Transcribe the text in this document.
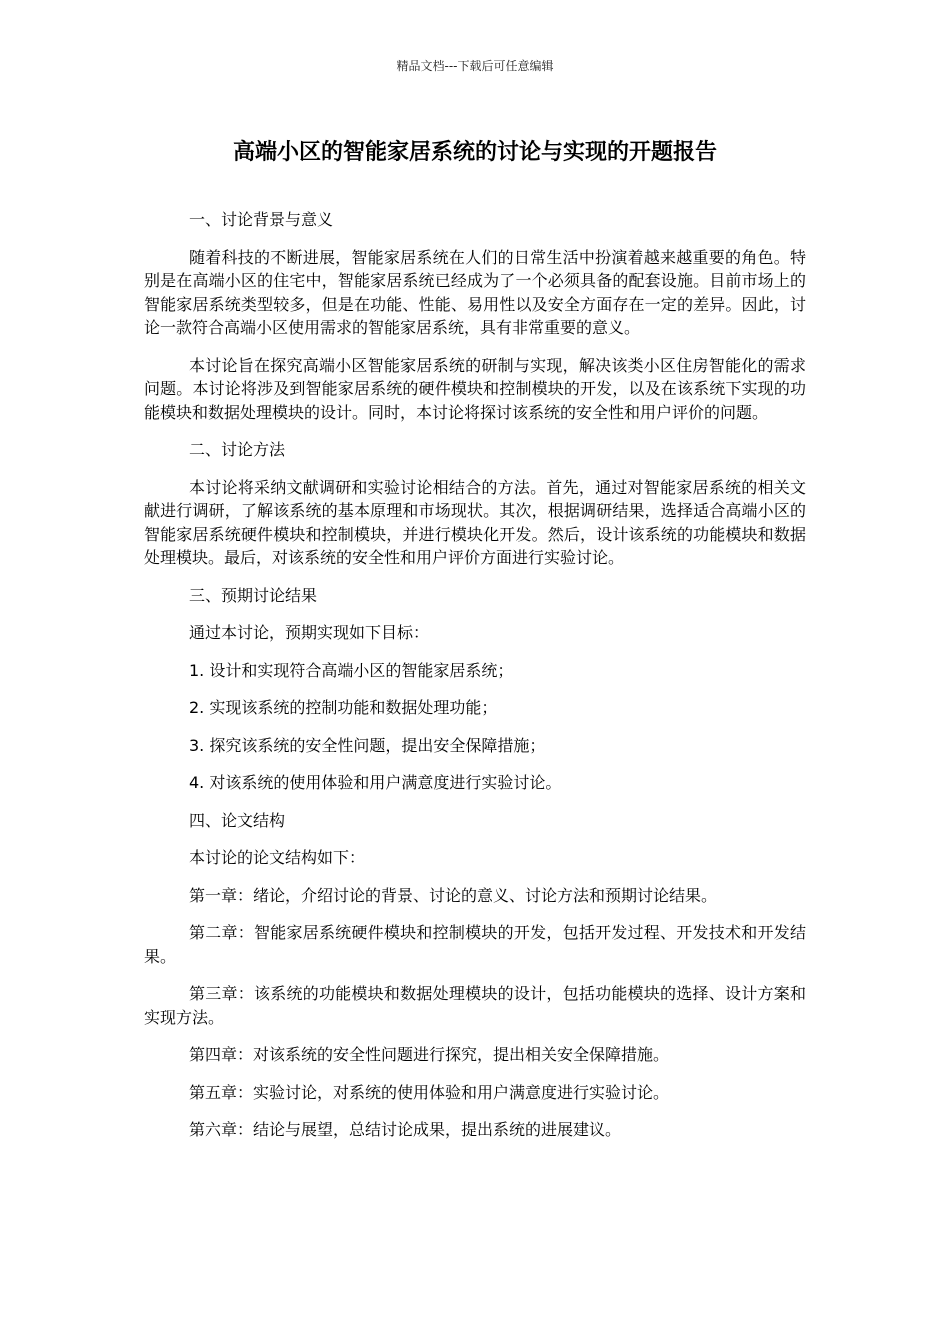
精品文档---下载后可任意编辑
高端小区的智能家居系统的讨论与实现的开题报告

一、讨论背景与意义

随着科技的不断进展，智能家居系统在人们的日常生活中扮演着越来越重要的角色。特别是在高端小区的住宅中，智能家居系统已经成为了一个必须具备的配套设施。目前市场上的智能家居系统类型较多，但是在功能、性能、易用性以及安全方面存在一定的差异。因此，讨论一款符合高端小区使用需求的智能家居系统，具有非常重要的意义。

本讨论旨在探究高端小区智能家居系统的研制与实现，解决该类小区住房智能化的需求问题。本讨论将涉及到智能家居系统的硬件模块和控制模块的开发，以及在该系统下实现的功能模块和数据处理模块的设计。同时，本讨论将探讨该系统的安全性和用户评价的问题。

二、讨论方法

本讨论将采纳文献调研和实验讨论相结合的方法。首先，通过对智能家居系统的相关文献进行调研，了解该系统的基本原理和市场现状。其次，根据调研结果，选择适合高端小区的智能家居系统硬件模块和控制模块，并进行模块化开发。然后，设计该系统的功能模块和数据处理模块。最后，对该系统的安全性和用户评价方面进行实验讨论。

三、预期讨论结果

通过本讨论，预期实现如下目标：

1. 设计和实现符合高端小区的智能家居系统；

2. 实现该系统的控制功能和数据处理功能；

3. 探究该系统的安全性问题，提出安全保障措施；

4. 对该系统的使用体验和用户满意度进行实验讨论。

四、论文结构

本讨论的论文结构如下：

第一章：绪论，介绍讨论的背景、讨论的意义、讨论方法和预期讨论结果。

第二章：智能家居系统硬件模块和控制模块的开发，包括开发过程、开发技术和开发结果。

第三章：该系统的功能模块和数据处理模块的设计，包括功能模块的选择、设计方案和实现方法。

第四章：对该系统的安全性问题进行探究，提出相关安全保障措施。

第五章：实验讨论，对系统的使用体验和用户满意度进行实验讨论。

第六章：结论与展望，总结讨论成果，提出系统的进展建议。
